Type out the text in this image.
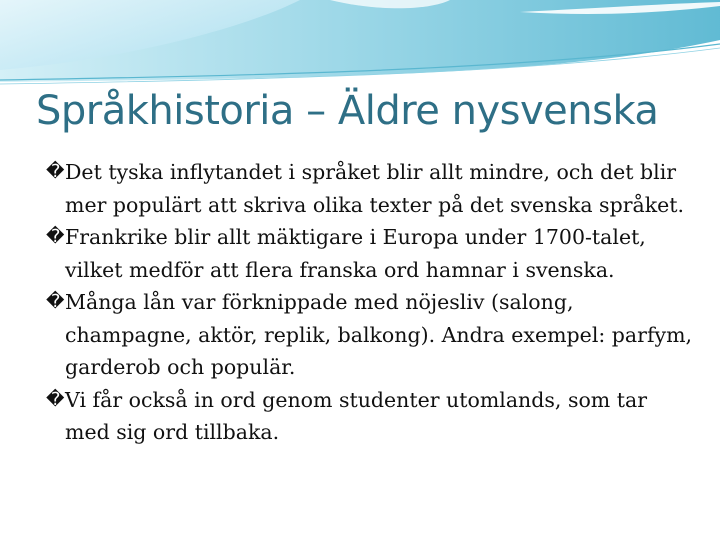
Språkhistoria – Äldre nysvenska
� Det tyska inflytandet i språket blir allt mindre, och det blir mer populärt att skriva olika texter på det svenska språket.
� Frankrike blir allt mäktigare i Europa under 1700-talet, vilket medför att flera franska ord hamnar i svenska.
� Många lån var förknippade med nöjesliv (salong, champagne, aktör, replik, balkong). Andra exempel: parfym, garderob och populär.
� Vi får också in ord genom studenter utomlands, som tar med sig ord tillbaka.
